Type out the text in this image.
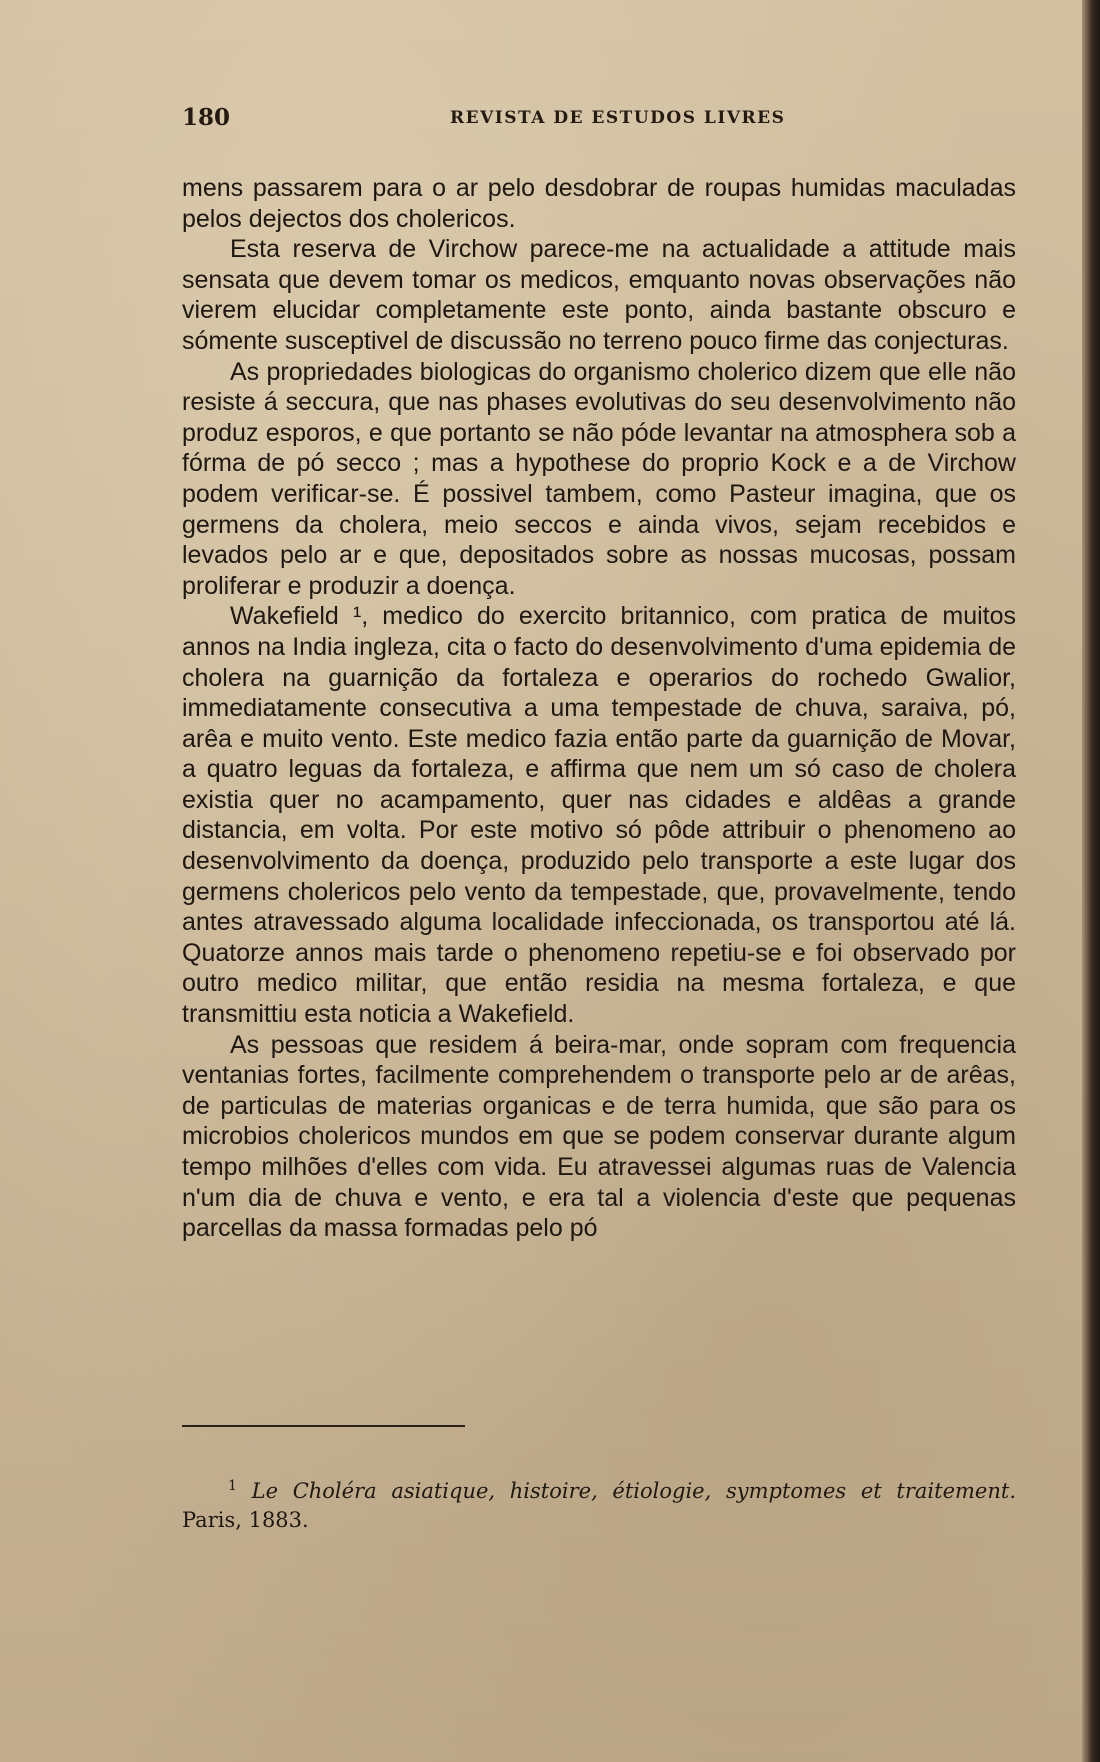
180	REVISTA DE ESTUDOS LIVRES

mens passarem para o ar pelo desdobrar de roupas humidas maculadas pelos dejectos dos cholericos.

Esta reserva de Virchow parece-me na actualidade a attitude mais sensata que devem tomar os medicos, emquanto novas observações não vierem elucidar completamente este ponto, ainda bastante obscuro e sómente susceptivel de discussão no terreno pouco firme das conjecturas.

As propriedades biologicas do organismo cholerico dizem que elle não resiste á seccura, que nas phases evolutivas do seu desenvolvimento não produz esporos, e que portanto se não póde levantar na atmosphera sob a fórma de pó secco ; mas a hypothese do proprio Kock e a de Virchow podem verificar-se. É possivel tambem, como Pasteur imagina, que os germens da cholera, meio seccos e ainda vivos, sejam recebidos e levados pelo ar e que, depositados sobre as nossas mucosas, possam proliferar e produzir a doença.

Wakefield ¹, medico do exercito britannico, com pratica de muitos annos na India ingleza, cita o facto do desenvolvimento d'uma epidemia de cholera na guarnição da fortaleza e operarios do rochedo Gwalior, immediatamente consecutiva a uma tempestade de chuva, saraiva, pó, arêa e muito vento. Este medico fazia então parte da guarnição de Movar, a quatro leguas da fortaleza, e affirma que nem um só caso de cholera existia quer no acampamento, quer nas cidades e aldêas a grande distancia, em volta. Por este motivo só pôde attribuir o phenomeno ao desenvolvimento da doença, produzido pelo transporte a este lugar dos germens cholericos pelo vento da tempestade, que, provavelmente, tendo antes atravessado alguma localidade infeccionada, os transportou até lá. Quatorze annos mais tarde o phenomeno repetiu-se e foi observado por outro medico militar, que então residia na mesma fortaleza, e que transmittiu esta noticia a Wakefield.

As pessoas que residem á beira-mar, onde sopram com frequencia ventanias fortes, facilmente comprehendem o transporte pelo ar de arêas, de particulas de materias organicas e de terra humida, que são para os microbios cholericos mundos em que se podem conservar durante algum tempo milhões d'elles com vida. Eu atravessei algumas ruas de Valencia n'um dia de chuva e vento, e era tal a violencia d'este que pequenas parcellas da massa formadas pelo pó

$^1$ Le Choléra asiatique, histoire, étiologie, symptomes et traitement. Paris, 1883.
